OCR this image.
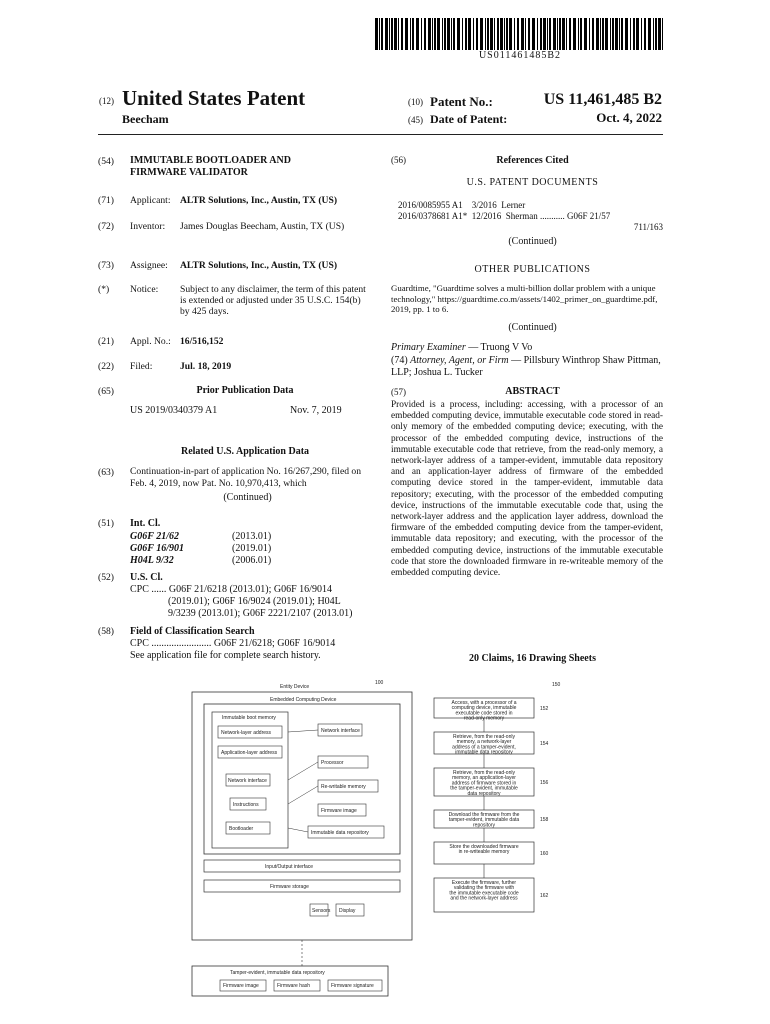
US011461485B2
(12) United States Patent
Beecham
(10) Patent No.:	US 11,461,485 B2
(45) Date of Patent:	Oct. 4, 2022
(54) IMMUTABLE BOOTLOADER AND FIRMWARE VALIDATOR
(71) Applicant: ALTR Solutions, Inc., Austin, TX (US)
(72) Inventor: James Douglas Beecham, Austin, TX (US)
(73) Assignee: ALTR Solutions, Inc., Austin, TX (US)
(*) Notice: Subject to any disclaimer, the term of this patent is extended or adjusted under 35 U.S.C. 154(b) by 425 days.
(21) Appl. No.: 16/516,152
(22) Filed:	Jul. 18, 2019
(65)	Prior Publication Data
US 2019/0340379 A1	Nov. 7, 2019
Related U.S. Application Data
(63) Continuation-in-part of application No. 16/267,290, filed on Feb. 4, 2019, now Pat. No. 10,970,413, which
(Continued)
(51) Int. Cl.
G06F 21/62	(2013.01)
G06F 16/901	(2019.01)
H04L 9/32	(2006.01)
(52) U.S. Cl.
CPC ...... G06F 21/6218 (2013.01); G06F 16/9014
(2019.01); G06F 16/9024 (2019.01); H04L
9/3239 (2013.01); G06F 2221/2107 (2013.01)
(58) Field of Classification Search
CPC ........................ G06F 21/6218; G06F 16/9014
See application file for complete search history.
(56)	References Cited
U.S. PATENT DOCUMENTS
2016/0085955 A1    3/2016  Lerner
2016/0378681 A1*  12/2016  Sherman ........... G06F 21/57
711/163
(Continued)
OTHER PUBLICATIONS
Guardtime, "Guardtime solves a multi-billion dollar problem with a unique technology," https://guardtime.co.m/assets/1402_primer_on_guardtime.pdf, 2019, pp. 1 to 6.
(Continued)
Primary Examiner — Truong V Vo
(74) Attorney, Agent, or Firm — Pillsbury Winthrop Shaw Pittman, LLP; Joshua L. Tucker
(57)	ABSTRACT
Provided is a process, including: accessing, with a processor of an embedded computing device, immutable executable code stored in read-only memory of the embedded computing device; executing, with the processor of the embedded computing device, instructions of the immutable executable code that retrieve, from the read-only memory, a network-layer address of a tamper-evident, immutable data repository and an application-layer address of firmware of the embedded computing device stored in the tamper-evident, immutable data repository; executing, with the processor of the embedded computing device, instructions of the immutable executable code that, using the network-layer address and the application layer address, download the firmware of the embedded computing device from the tamper-evident, immutable data repository; and executing, with the processor of the embedded computing device, instructions of the immutable executable code that store the downloaded firmware in re-writeable memory of the embedded computing device.
20 Claims, 16 Drawing Sheets
Entity Device
100
Embedded Computing Device
Immutable boot memory
Network-layer address
Application-layer address
Network interface
Instructions
Bootloader
Network interface
Processor
Re-writable memory
Firmware image
Immutable data repository
Input/Output interface
Firmware storage
Sensors Display
Tamper-evident, immutable data repository
Firmware image	Firmware hash	Firmware signature
150
Access, with a processor of a
computing device, immutable
executable code stored in
read-only memory
152
Retrieve, from the read-only
memory, a network-layer
address of a tamper-evident,
immutable data repository
154
Retrieve, from the read-only
memory, an application-layer
address of firmware stored in
the tamper-evident, immutable
data repository
156
Download the firmware from the
tamper-evident, immutable data
repository
158
Store the downloaded firmware
in re-writeable memory	160
Execute the firmware, further
validating the firmware with
the immutable executable code
and the network-layer address	162
